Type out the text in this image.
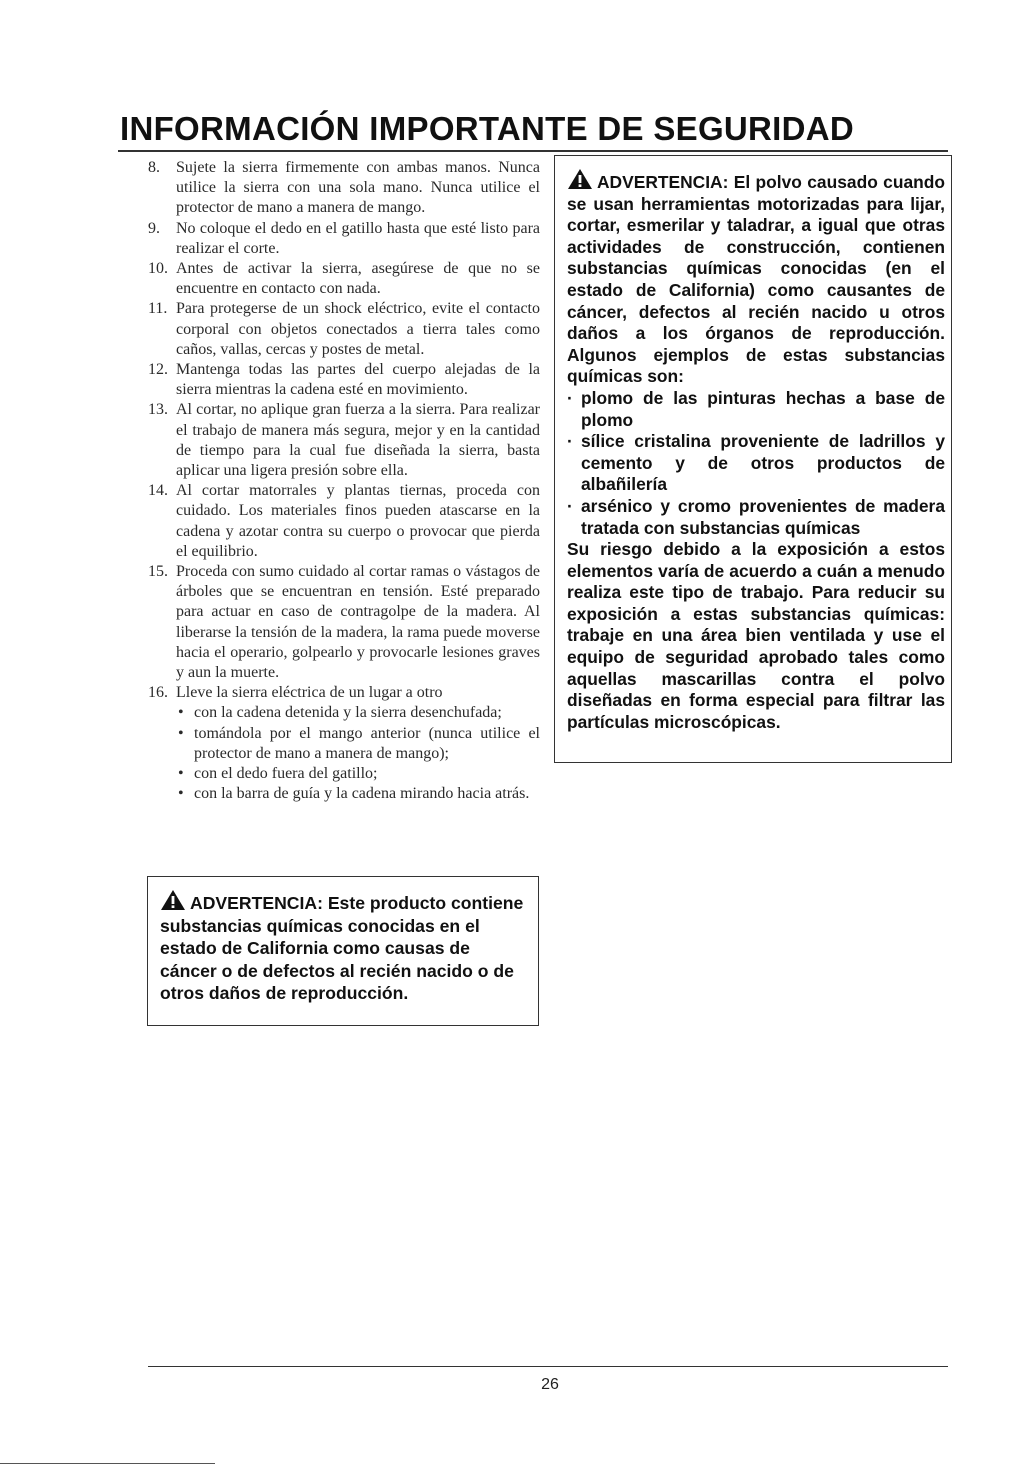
INFORMACIÓN IMPORTANTE DE SEGURIDAD
8. Sujete la sierra firmemente con ambas manos. Nunca utilice la sierra con una sola mano. Nunca utilice el protector de mano a manera de mango.
9. No coloque el dedo en el gatillo hasta que esté listo para realizar el corte.
10. Antes de activar la sierra, asegúrese de que no se encuentre en contacto con nada.
11. Para protegerse de un shock eléctrico, evite el contacto corporal con objetos conectados a tierra tales como caños, vallas, cercas y postes de metal.
12. Mantenga todas las partes del cuerpo alejadas de la sierra mientras la cadena esté en movimiento.
13. Al cortar, no aplique gran fuerza a la sierra. Para realizar el trabajo de manera más segura, mejor y en la cantidad de tiempo para la cual fue diseñada la sierra, basta aplicar una ligera presión sobre ella.
14. Al cortar matorrales y plantas tiernas, proceda con cuidado. Los materiales finos pueden atascarse en la cadena y azotar contra su cuerpo o provocar que pierda el equilibrio.
15. Proceda con sumo cuidado al cortar ramas o vástagos de árboles que se encuentran en tensión. Esté preparado para actuar en caso de contragolpe de la madera. Al liberarse la tensión de la madera, la rama puede moverse hacia el operario, golpearlo y provocarle lesiones graves y aun la muerte.
16. Lleve la sierra eléctrica de un lugar a otro
• con la cadena detenida y la sierra desenchufada;
• tomándola por el mango anterior (nunca utilice el protector de mano a manera de mango);
• con el dedo fuera del gatillo;
• con la barra de guía y la cadena mirando hacia atrás.

ADVERTENCIA: El polvo causado cuando se usan herramientas motorizadas para lijar, cortar, esmerilar y taladrar, a igual que otras actividades de construcción, contienen substancias químicas conocidas (en el estado de California) como causantes de cáncer, defectos al recién nacido u otros daños a los órganos de reproducción. Algunos ejemplos de estas substancias químicas son:

· plomo de las pinturas hechas a base de plomo
· sílice cristalina proveniente de ladrillos y cemento y de otros productos de albañilería
· arsénico y cromo provenientes de madera tratada con substancias químicas

Su riesgo debido a la exposición a estos elementos varía de acuerdo a cuán a menudo realiza este tipo de trabajo. Para reducir su exposición a estas substancias químicas: trabaje en una área bien ventilada y use el equipo de seguridad aprobado tales como aquellas mascarillas contra el polvo diseñadas en forma especial para filtrar las partículas microscópicas.

ADVERTENCIA: Este producto contiene substancias químicas conocidas en el estado de California como causas de cáncer o de defectos al recién nacido o de otros daños de reproducción.

26
